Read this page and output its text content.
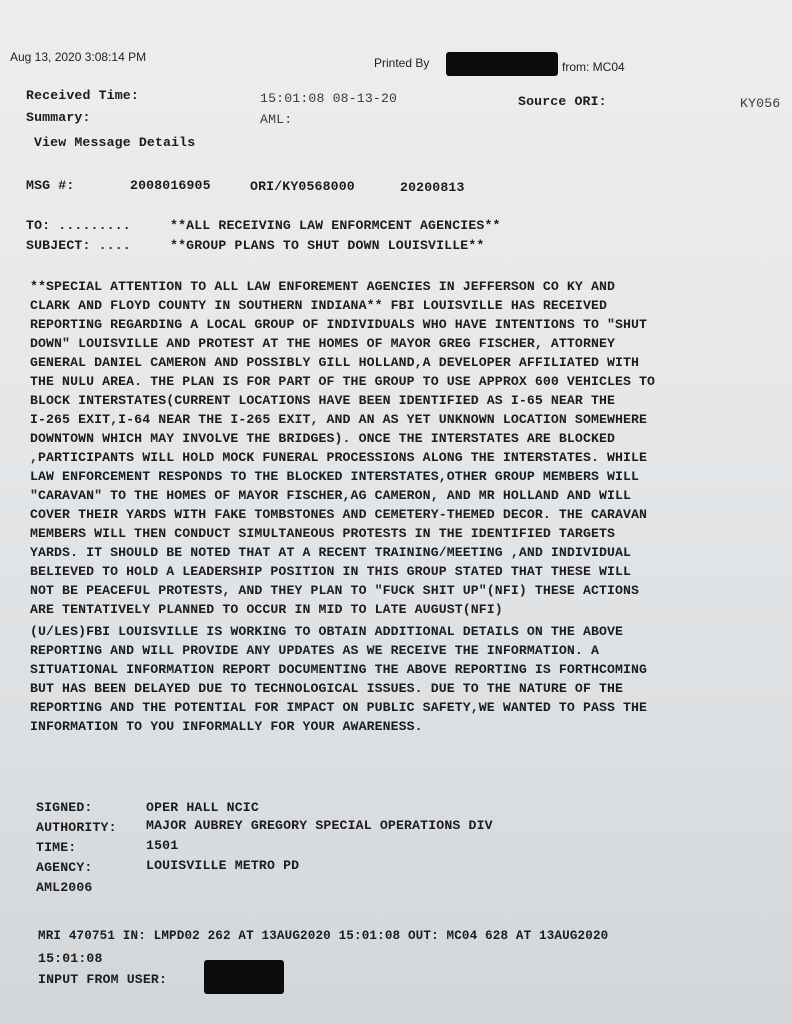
Aug 13, 2020 3:08:14 PM	Printed By	from: MC04
Received Time:	15:01:08 08-13-20	Source ORI:	KY056
Summary:	AML:
View Message Details
MSG #:	2008016905	ORI/KY0568000	20200813
TO: .........	**ALL RECEIVING LAW ENFORMCENT AGENCIES**
SUBJECT: ....	**GROUP PLANS TO SHUT DOWN LOUISVILLE**
**SPECIAL ATTENTION TO ALL LAW ENFOREMENT AGENCIES IN JEFFERSON CO KY AND
CLARK AND FLOYD COUNTY IN SOUTHERN INDIANA** FBI LOUISVILLE HAS RECEIVED
REPORTING REGARDING A LOCAL GROUP OF INDIVIDUALS WHO HAVE INTENTIONS TO "SHUT
DOWN" LOUISVILLE AND PROTEST AT THE HOMES OF MAYOR GREG FISCHER, ATTORNEY
GENERAL DANIEL CAMERON AND POSSIBLY GILL HOLLAND,A DEVELOPER AFFILIATED WITH
THE NULU AREA. THE PLAN IS FOR PART OF THE GROUP TO USE APPROX 600 VEHICLES TO
BLOCK INTERSTATES(CURRENT LOCATIONS HAVE BEEN IDENTIFIED AS I-65 NEAR THE
I-265 EXIT,I-64 NEAR THE I-265 EXIT, AND AN AS YET UNKNOWN LOCATION SOMEWHERE
DOWNTOWN WHICH MAY INVOLVE THE BRIDGES). ONCE THE INTERSTATES ARE BLOCKED
,PARTICIPANTS WILL HOLD MOCK FUNERAL PROCESSIONS ALONG THE INTERSTATES. WHILE
LAW ENFORCEMENT RESPONDS TO THE BLOCKED INTERSTATES,OTHER GROUP MEMBERS WILL
"CARAVAN" TO THE HOMES OF MAYOR FISCHER,AG CAMERON, AND MR HOLLAND AND WILL
COVER THEIR YARDS WITH FAKE TOMBSTONES AND CEMETERY-THEMED DECOR. THE CARAVAN
MEMBERS WILL THEN CONDUCT SIMULTANEOUS PROTESTS IN THE IDENTIFIED TARGETS
YARDS. IT SHOULD BE NOTED THAT AT A RECENT TRAINING/MEETING ,AND INDIVIDUAL
BELIEVED TO HOLD A LEADERSHIP POSITION IN THIS GROUP STATED THAT THESE WILL
NOT BE PEACEFUL PROTESTS, AND THEY PLAN TO "FUCK SHIT UP"(NFI) THESE ACTIONS
ARE TENTATIVELY PLANNED TO OCCUR IN MID TO LATE AUGUST(NFI)
(U/LES)FBI LOUISVILLE IS WORKING TO OBTAIN ADDITIONAL DETAILS ON THE ABOVE
REPORTING AND WILL PROVIDE ANY UPDATES AS WE RECEIVE THE INFORMATION. A
SITUATIONAL INFORMATION REPORT DOCUMENTING THE ABOVE REPORTING IS FORTHCOMING
BUT HAS BEEN DELAYED DUE TO TECHNOLOGICAL ISSUES. DUE TO THE NATURE OF THE
REPORTING AND THE POTENTIAL FOR IMPACT ON PUBLIC SAFETY,WE WANTED TO PASS THE
INFORMATION TO YOU INFORMALLY FOR YOUR AWARENESS.
SIGNED:	OPER HALL NCIC
AUTHORITY: MAJOR AUBREY GREGORY SPECIAL OPERATIONS DIV
TIME:	1501
AGENCY:	LOUISVILLE METRO PD
AML2006
MRI 470751 IN: LMPD02 262 AT 13AUG2020 15:01:08 OUT: MC04 628 AT 13AUG2020
15:01:08
INPUT FROM USER:
